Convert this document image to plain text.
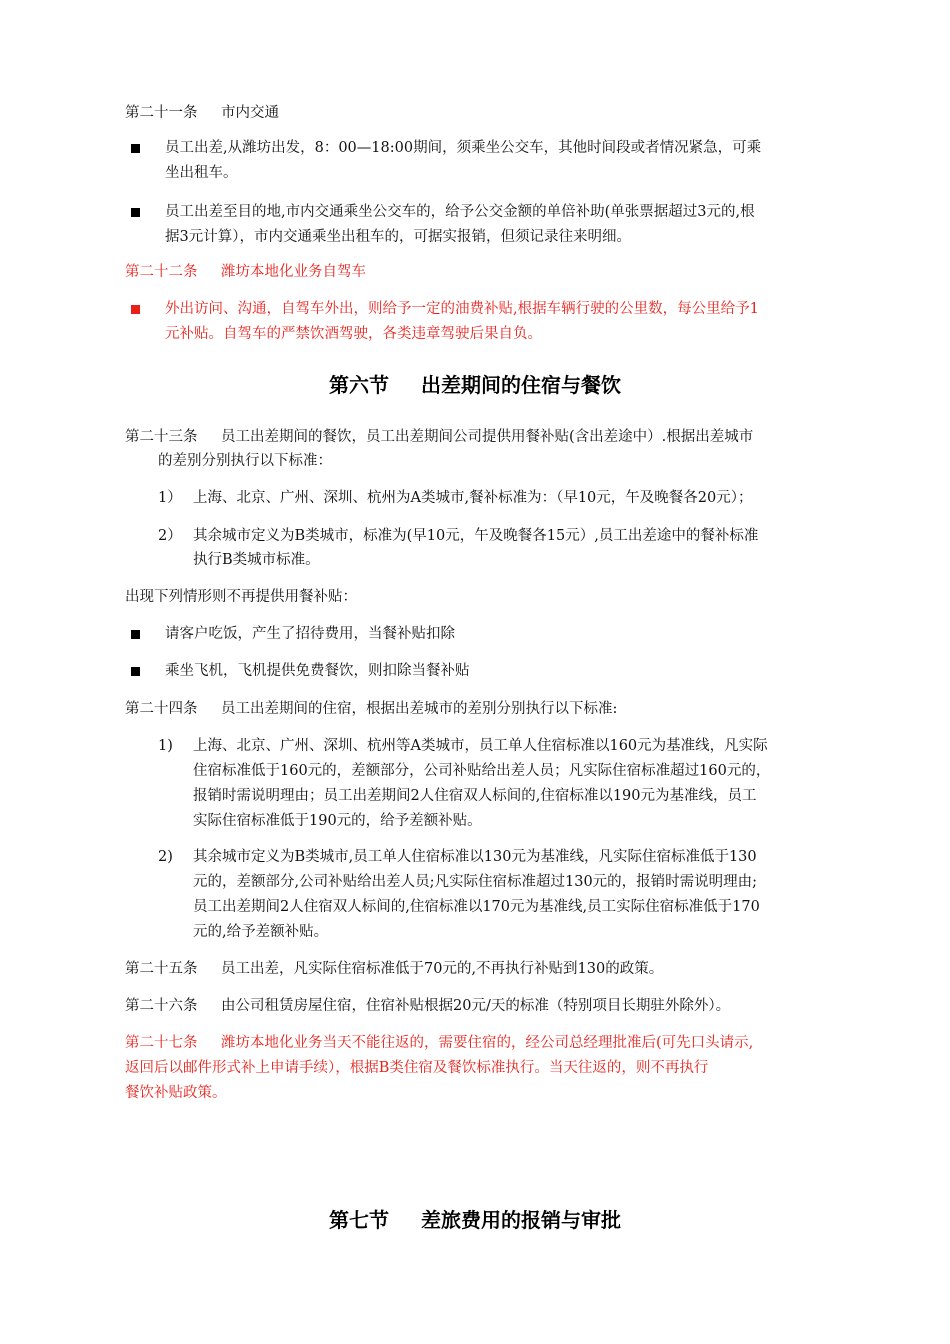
第二十一条 市内交通
员工出差,从潍坊出发，8：00—18:00期间，须乘坐公交车，其他时间段或者情况紧急，可乘
坐出租车。
员工出差至目的地,市内交通乘坐公交车的，给予公交金额的单倍补助(单张票据超过3元的,根
据3元计算），市内交通乘坐出租车的，可据实报销，但须记录往来明细。
第二十二条 潍坊本地化业务自驾车
外出访问、沟通，自驾车外出，则给予一定的油费补贴,根据车辆行驶的公里数，每公里给予1
元补贴。自驾车的严禁饮酒驾驶，各类违章驾驶后果自负。
第六节 出差期间的住宿与餐饮
第二十三条 员工出差期间的餐饮，员工出差期间公司提供用餐补贴(含出差途中）.根据出差城市
的差别分别执行以下标准：
1） 上海、北京、广州、深圳、杭州为A类城市,餐补标准为：（早10元，午及晚餐各20元）；
2） 其余城市定义为B类城市，标准为(早10元，午及晚餐各15元）,员工出差途中的餐补标准
执行B类城市标准。
出现下列情形则不再提供用餐补贴：
请客户吃饭，产生了招待费用，当餐补贴扣除
乘坐飞机，飞机提供免费餐饮，则扣除当餐补贴
第二十四条 员工出差期间的住宿，根据出差城市的差别分别执行以下标准:
1) 上海、北京、广州、深圳、杭州等A类城市，员工单人住宿标准以160元为基准线，凡实际
住宿标准低于160元的，差额部分，公司补贴给出差人员；凡实际住宿标准超过160元的，
报销时需说明理由；员工出差期间2人住宿双人标间的,住宿标准以190元为基准线，员工
实际住宿标准低于190元的，给予差额补贴。
2) 其余城市定义为B类城市,员工单人住宿标准以130元为基准线，凡实际住宿标准低于130
元的，差额部分,公司补贴给出差人员;凡实际住宿标准超过130元的，报销时需说明理由;
员工出差期间2人住宿双人标间的,住宿标准以170元为基准线,员工实际住宿标准低于170
元的,给予差额补贴。
第二十五条 员工出差，凡实际住宿标准低于70元的,不再执行补贴到130的政策。
第二十六条 由公司租赁房屋住宿，住宿补贴根据20元/天的标准（特别项目长期驻外除外）。
第二十七条 潍坊本地化业务当天不能往返的，需要住宿的，经公司总经理批准后(可先口头请示,
返回后以邮件形式补上申请手续），根据B类住宿及餐饮标准执行。当天往返的，则不再执行
餐饮补贴政策。
第七节 差旅费用的报销与审批
